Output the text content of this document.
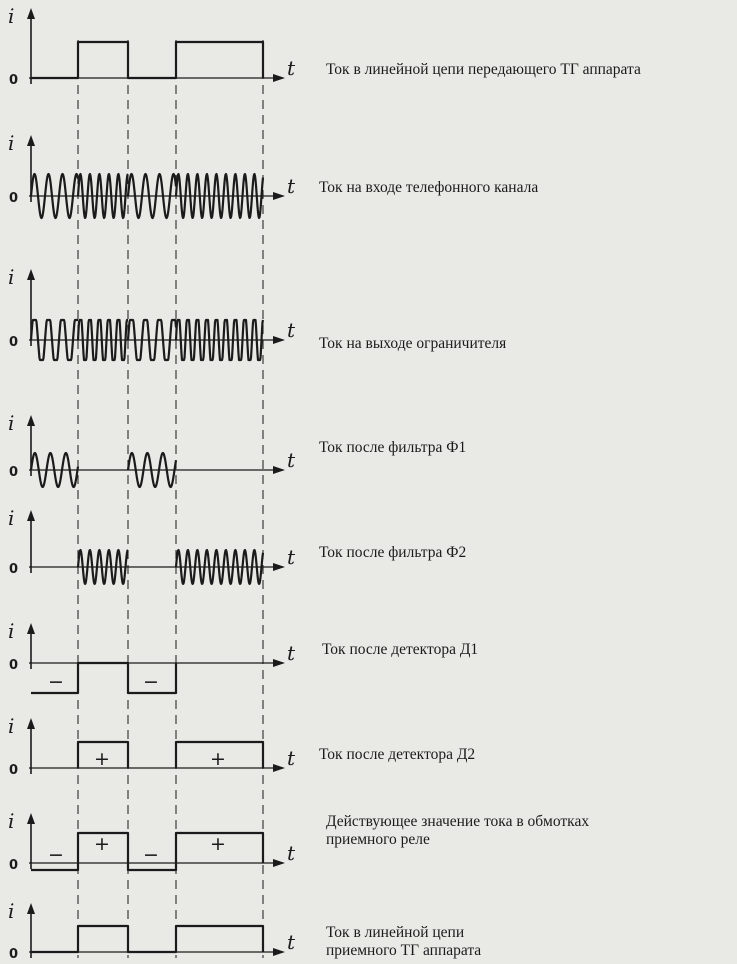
i
0
t Ток в линейной цепи передающего ТГ аппарата
i
0
t Ток на входе телефонного канала
i
0
t
Ток на выходе ограничителя
i
0
t
Ток после фильтра Ф1
i
0
t Ток после фильтра Ф2
i
0
t
−	−
Ток после детектора Д1
i
0
t
+	+	Ток после детектора Д2
i
0
t
−	−
+	+
Действующее значение тока в обмотках приемного реле
i
0
t Ток в линейной цепи приемного ТГ аппарата
